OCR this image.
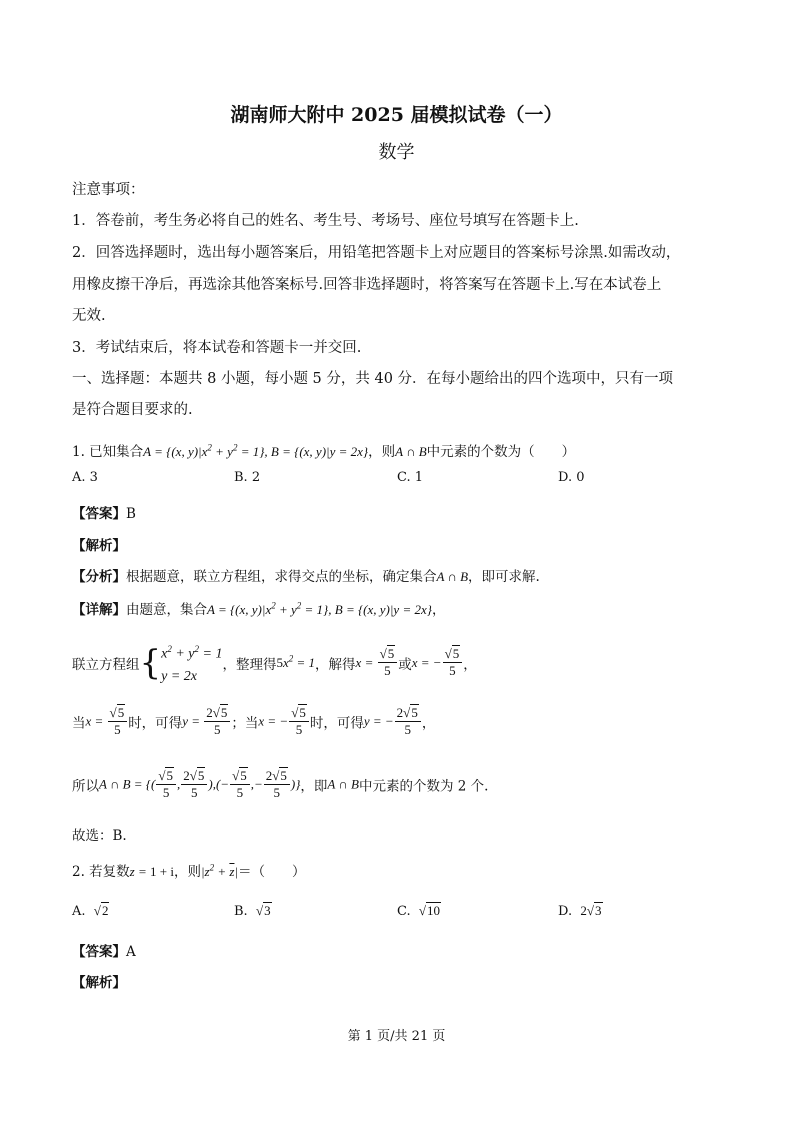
湖南师大附中 2025 届模拟试卷（一）
数学
注意事项：
1．答卷前，考生务必将自己的姓名、考生号、考场号、座位号填写在答题卡上.
2．回答选择题时，选出每小题答案后，用铅笔把答题卡上对应题目的答案标号涂黑.如需改动，
用橡皮擦干净后，再选涂其他答案标号.回答非选择题时，将答案写在答题卡上.写在本试卷上
无效.
3．考试结束后，将本试卷和答题卡一并交回.
一、选择题：本题共 8 小题，每小题 5 分，共 40 分．在每小题给出的四个选项中，只有一项
是符合题目要求的.
1. 已知集合A = {(x, $y)|x^2 + y^2 = 1$}, B = {(x, y)|y = 2x}，则A ∩ B中元素的个数为（　　）
A. 3	B. 2	C. 1	D. 0
【答案】B
【解析】
【分析】根据题意，联立方程组，求得交点的坐标，确定集合A ∩ B，即可求解.
【详解】由题意，集合A = {(x, $y)|x^2 + y^2 = 1$}, B = {(x, y)|y = 2x}，
联立方程组{$x^2 + y^2 = 1$
y = 2x，整理得$5x^2 = 1$，解得$x = \frac{√5}{5}$ 或x = − $\frac{√5}{5}$ ，
当$x = \frac{√5}{5}$ 时，可得$y = \frac{2√5}{5}$ ；当x = − $\frac{√5}{5}$ 时，可得y = − $\frac{2√5}{5}$ ，
所以A ∩ B = {( $\frac{√5}{5}$ , $\frac{2√5}{5}$ ),(− $\frac{√5}{5}$ ,− $\frac{2√5}{5}$ )}，即A ∩ B中元素的个数为 2 个.
故选：B.
2. 若复数z = 1 + i，则$|z^2 + \overline{z}|=$（　　）
A. √2	B. √3	C. √10	D. 2√3
【答案】A
【解析】
第 1 页/共 21 页
